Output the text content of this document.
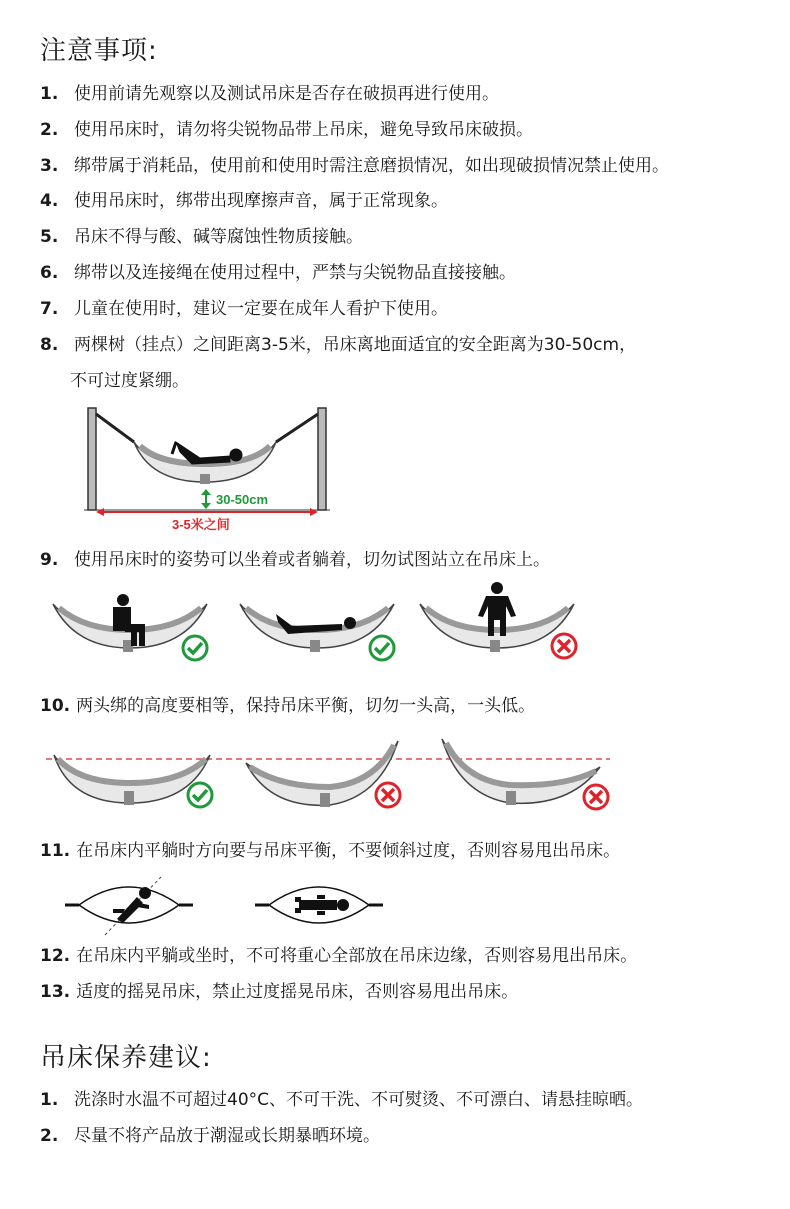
注意事项:
1. 使用前请先观察以及测试吊床是否存在破损再进行使用。
2. 使用吊床时，请勿将尖锐物品带上吊床，避免导致吊床破损。
3. 绑带属于消耗品，使用前和使用时需注意磨损情况，如出现破损情况禁止使用。
4. 使用吊床时，绑带出现摩擦声音，属于正常现象。
5. 吊床不得与酸、碱等腐蚀性物质接触。
6. 绑带以及连接绳在使用过程中，严禁与尖锐物品直接接触。
7. 儿童在使用时，建议一定要在成年人看护下使用。
8. 两棵树（挂点）之间距离3-5米，吊床离地面适宜的安全距离为30-50cm，
不可过度紧绷。
30-50cm
3-5米之间
9. 使用吊床时的姿势可以坐着或者躺着，切勿试图站立在吊床上。
10. 两头绑的高度要相等，保持吊床平衡，切勿一头高，一头低。
11. 在吊床内平躺时方向要与吊床平衡，不要倾斜过度，否则容易甩出吊床。
12. 在吊床内平躺或坐时，不可将重心全部放在吊床边缘，否则容易甩出吊床。
13. 适度的摇晃吊床，禁止过度摇晃吊床，否则容易甩出吊床。
吊床保养建议:
1. 洗涤时水温不可超过40°C、不可干洗、不可熨烫、不可漂白、请悬挂晾晒。
2. 尽量不将产品放于潮湿或长期暴晒环境。
